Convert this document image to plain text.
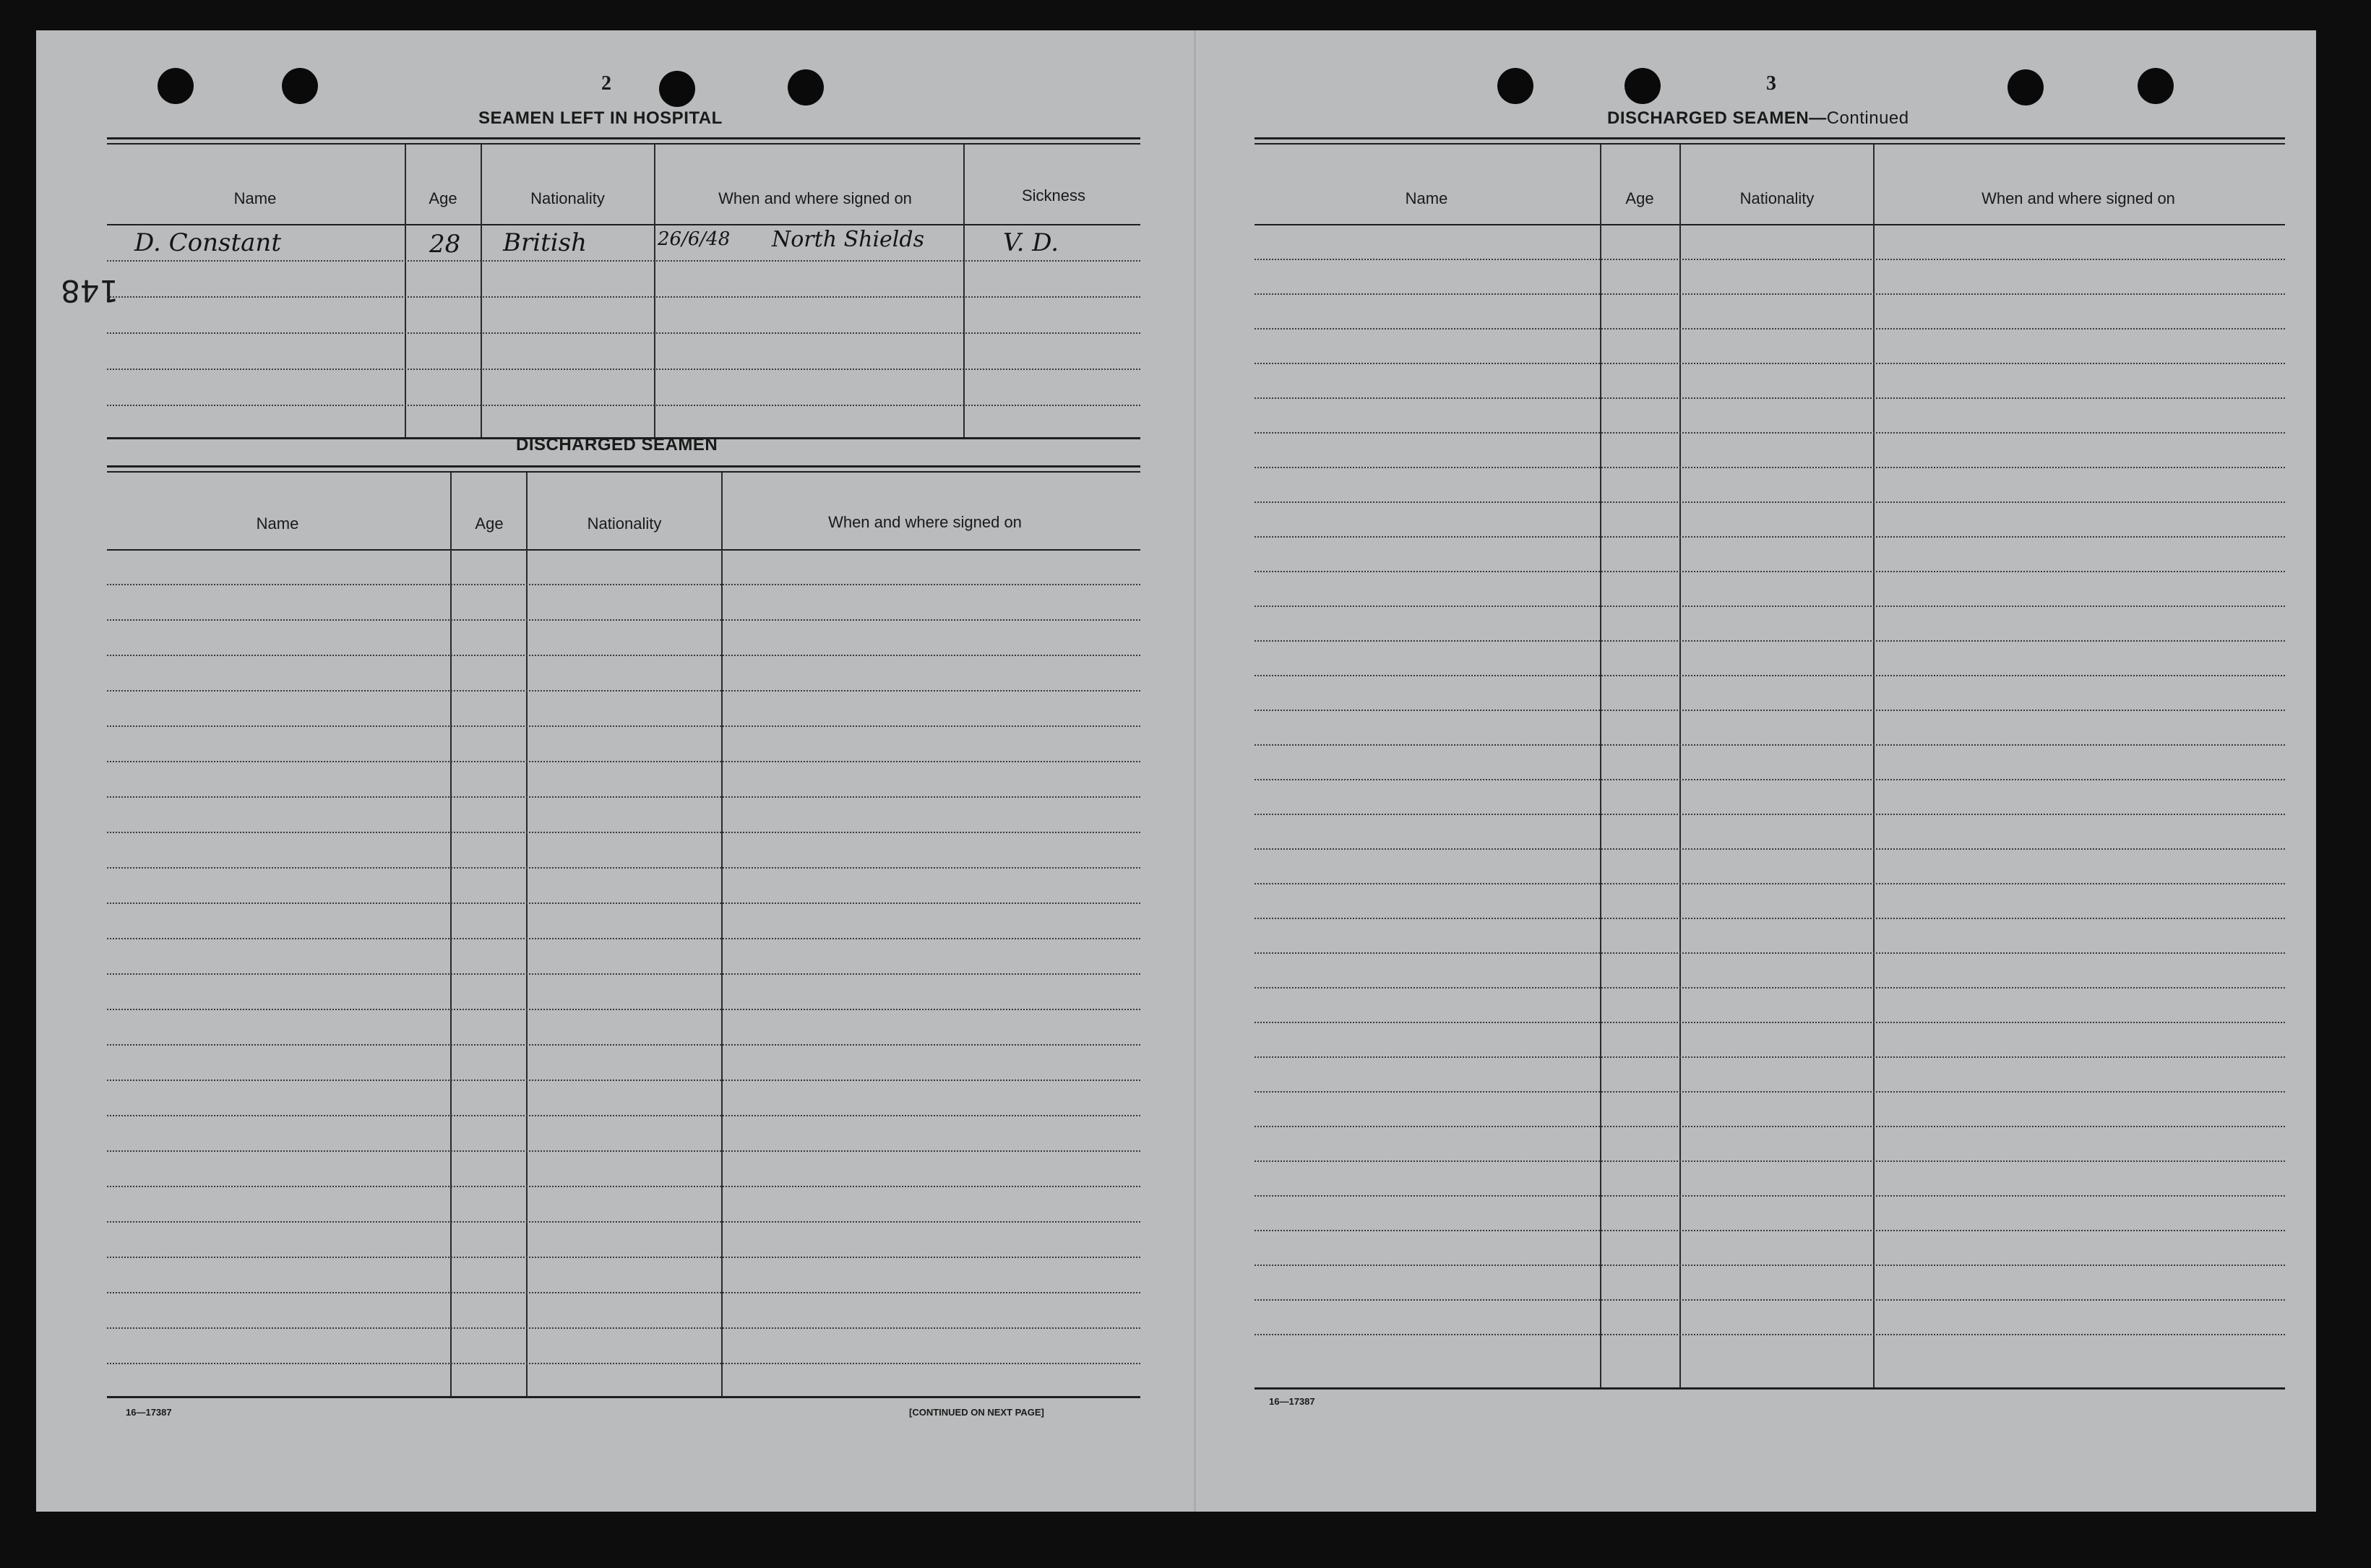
148
2
SEAMEN LEFT IN HOSPITAL
Name	Age	Nationality	When and where signed on	Sickness
D. Constant	28 British	26/6/48 North Shields	V. D.
DISCHARGED SEAMEN
Name	Age	Nationality	When and where signed on
16—17387	[CONTINUED ON NEXT PAGE]
3
DISCHARGED SEAMEN—Continued
Name	Age	Nationality	When and where signed on
16—17387
